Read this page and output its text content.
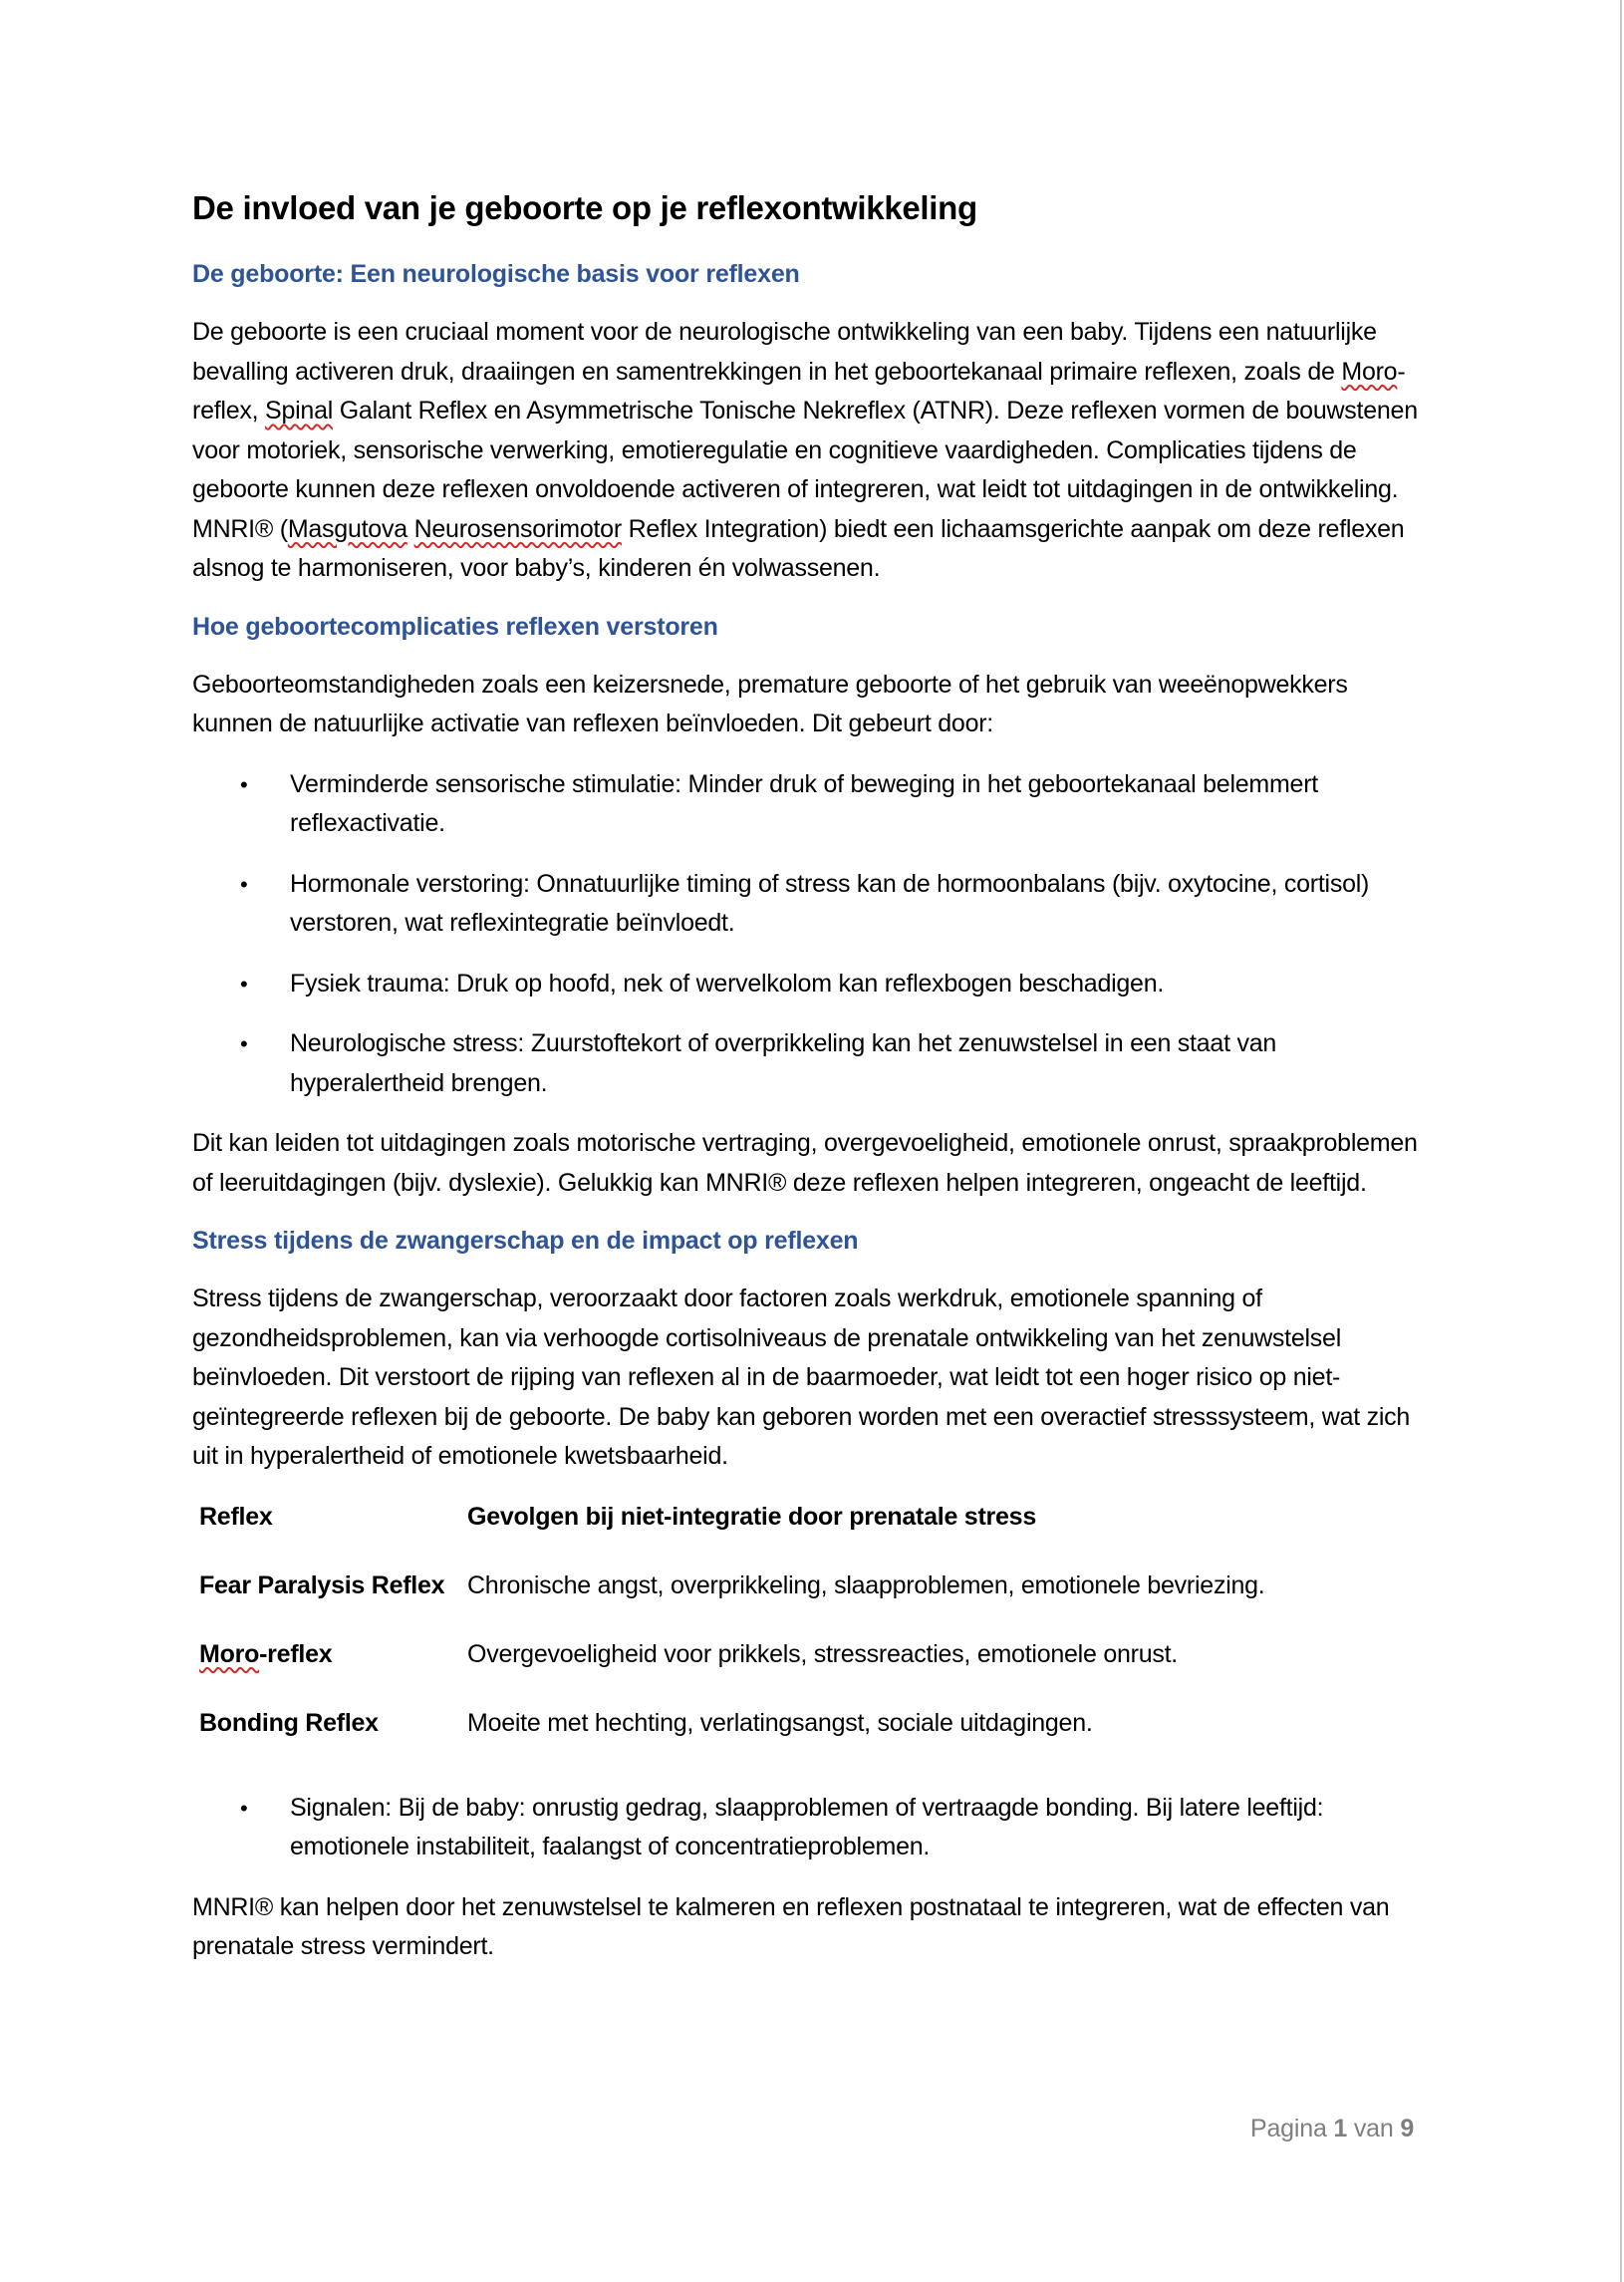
De invloed van je geboorte op je reflexontwikkeling
De geboorte: Een neurologische basis voor reflexen

De geboorte is een cruciaal moment voor de neurologische ontwikkeling van een baby. Tijdens een natuurlijke bevalling activeren druk, draaiingen en samentrekkingen in het geboortekanaal primaire reflexen, zoals de Moro-reflex, Spinal Galant Reflex en Asymmetrische Tonische Nekreflex (ATNR). Deze reflexen vormen de bouwstenen voor motoriek, sensorische verwerking, emotieregulatie en cognitieve vaardigheden. Complicaties tijdens de geboorte kunnen deze reflexen onvoldoende activeren of integreren, wat leidt tot uitdagingen in de ontwikkeling. MNRI® (Masgutova Neurosensorimotor Reflex Integration) biedt een lichaamsgerichte aanpak om deze reflexen alsnog te harmoniseren, voor baby’s, kinderen én volwassenen.

Hoe geboortecomplicaties reflexen verstoren

Geboorteomstandigheden zoals een keizersnede, premature geboorte of het gebruik van weeënopwekkers kunnen de natuurlijke activatie van reflexen beïnvloeden. Dit gebeurt door:

• Verminderde sensorische stimulatie: Minder druk of beweging in het geboortekanaal belemmert reflexactivatie.
• Hormonale verstoring: Onnatuurlijke timing of stress kan de hormoonbalans (bijv. oxytocine, cortisol) verstoren, wat reflexintegratie beïnvloedt.
• Fysiek trauma: Druk op hoofd, nek of wervelkolom kan reflexbogen beschadigen.
• Neurologische stress: Zuurstoftekort of overprikkeling kan het zenuwstelsel in een staat van hyperalertheid brengen.

Dit kan leiden tot uitdagingen zoals motorische vertraging, overgevoeligheid, emotionele onrust, spraakproblemen of leeruitdagingen (bijv. dyslexie). Gelukkig kan MNRI® deze reflexen helpen integreren, ongeacht de leeftijd.

Stress tijdens de zwangerschap en de impact op reflexen

Stress tijdens de zwangerschap, veroorzaakt door factoren zoals werkdruk, emotionele spanning of gezondheidsproblemen, kan via verhoogde cortisolniveaus de prenatale ontwikkeling van het zenuwstelsel beïnvloeden. Dit verstoort de rijping van reflexen al in de baarmoeder, wat leidt tot een hoger risico op niet-geïntegreerde reflexen bij de geboorte. De baby kan geboren worden met een overactief stresssysteem, wat zich uit in hyperalertheid of emotionele kwetsbaarheid.

Reflex	Gevolgen bij niet-integratie door prenatale stress
Fear Paralysis Reflex	Chronische angst, overprikkeling, slaapproblemen, emotionele bevriezing.
Moro-reflex	Overgevoeligheid voor prikkels, stressreacties, emotionele onrust.
Bonding Reflex	Moeite met hechting, verlatingsangst, sociale uitdagingen.
• Signalen: Bij de baby: onrustig gedrag, slaapproblemen of vertraagde bonding. Bij latere leeftijd: emotionele instabiliteit, faalangst of concentratieproblemen.

MNRI® kan helpen door het zenuwstelsel te kalmeren en reflexen postnataal te integreren, wat de effecten van prenatale stress vermindert.

Pagina 1 van 9
